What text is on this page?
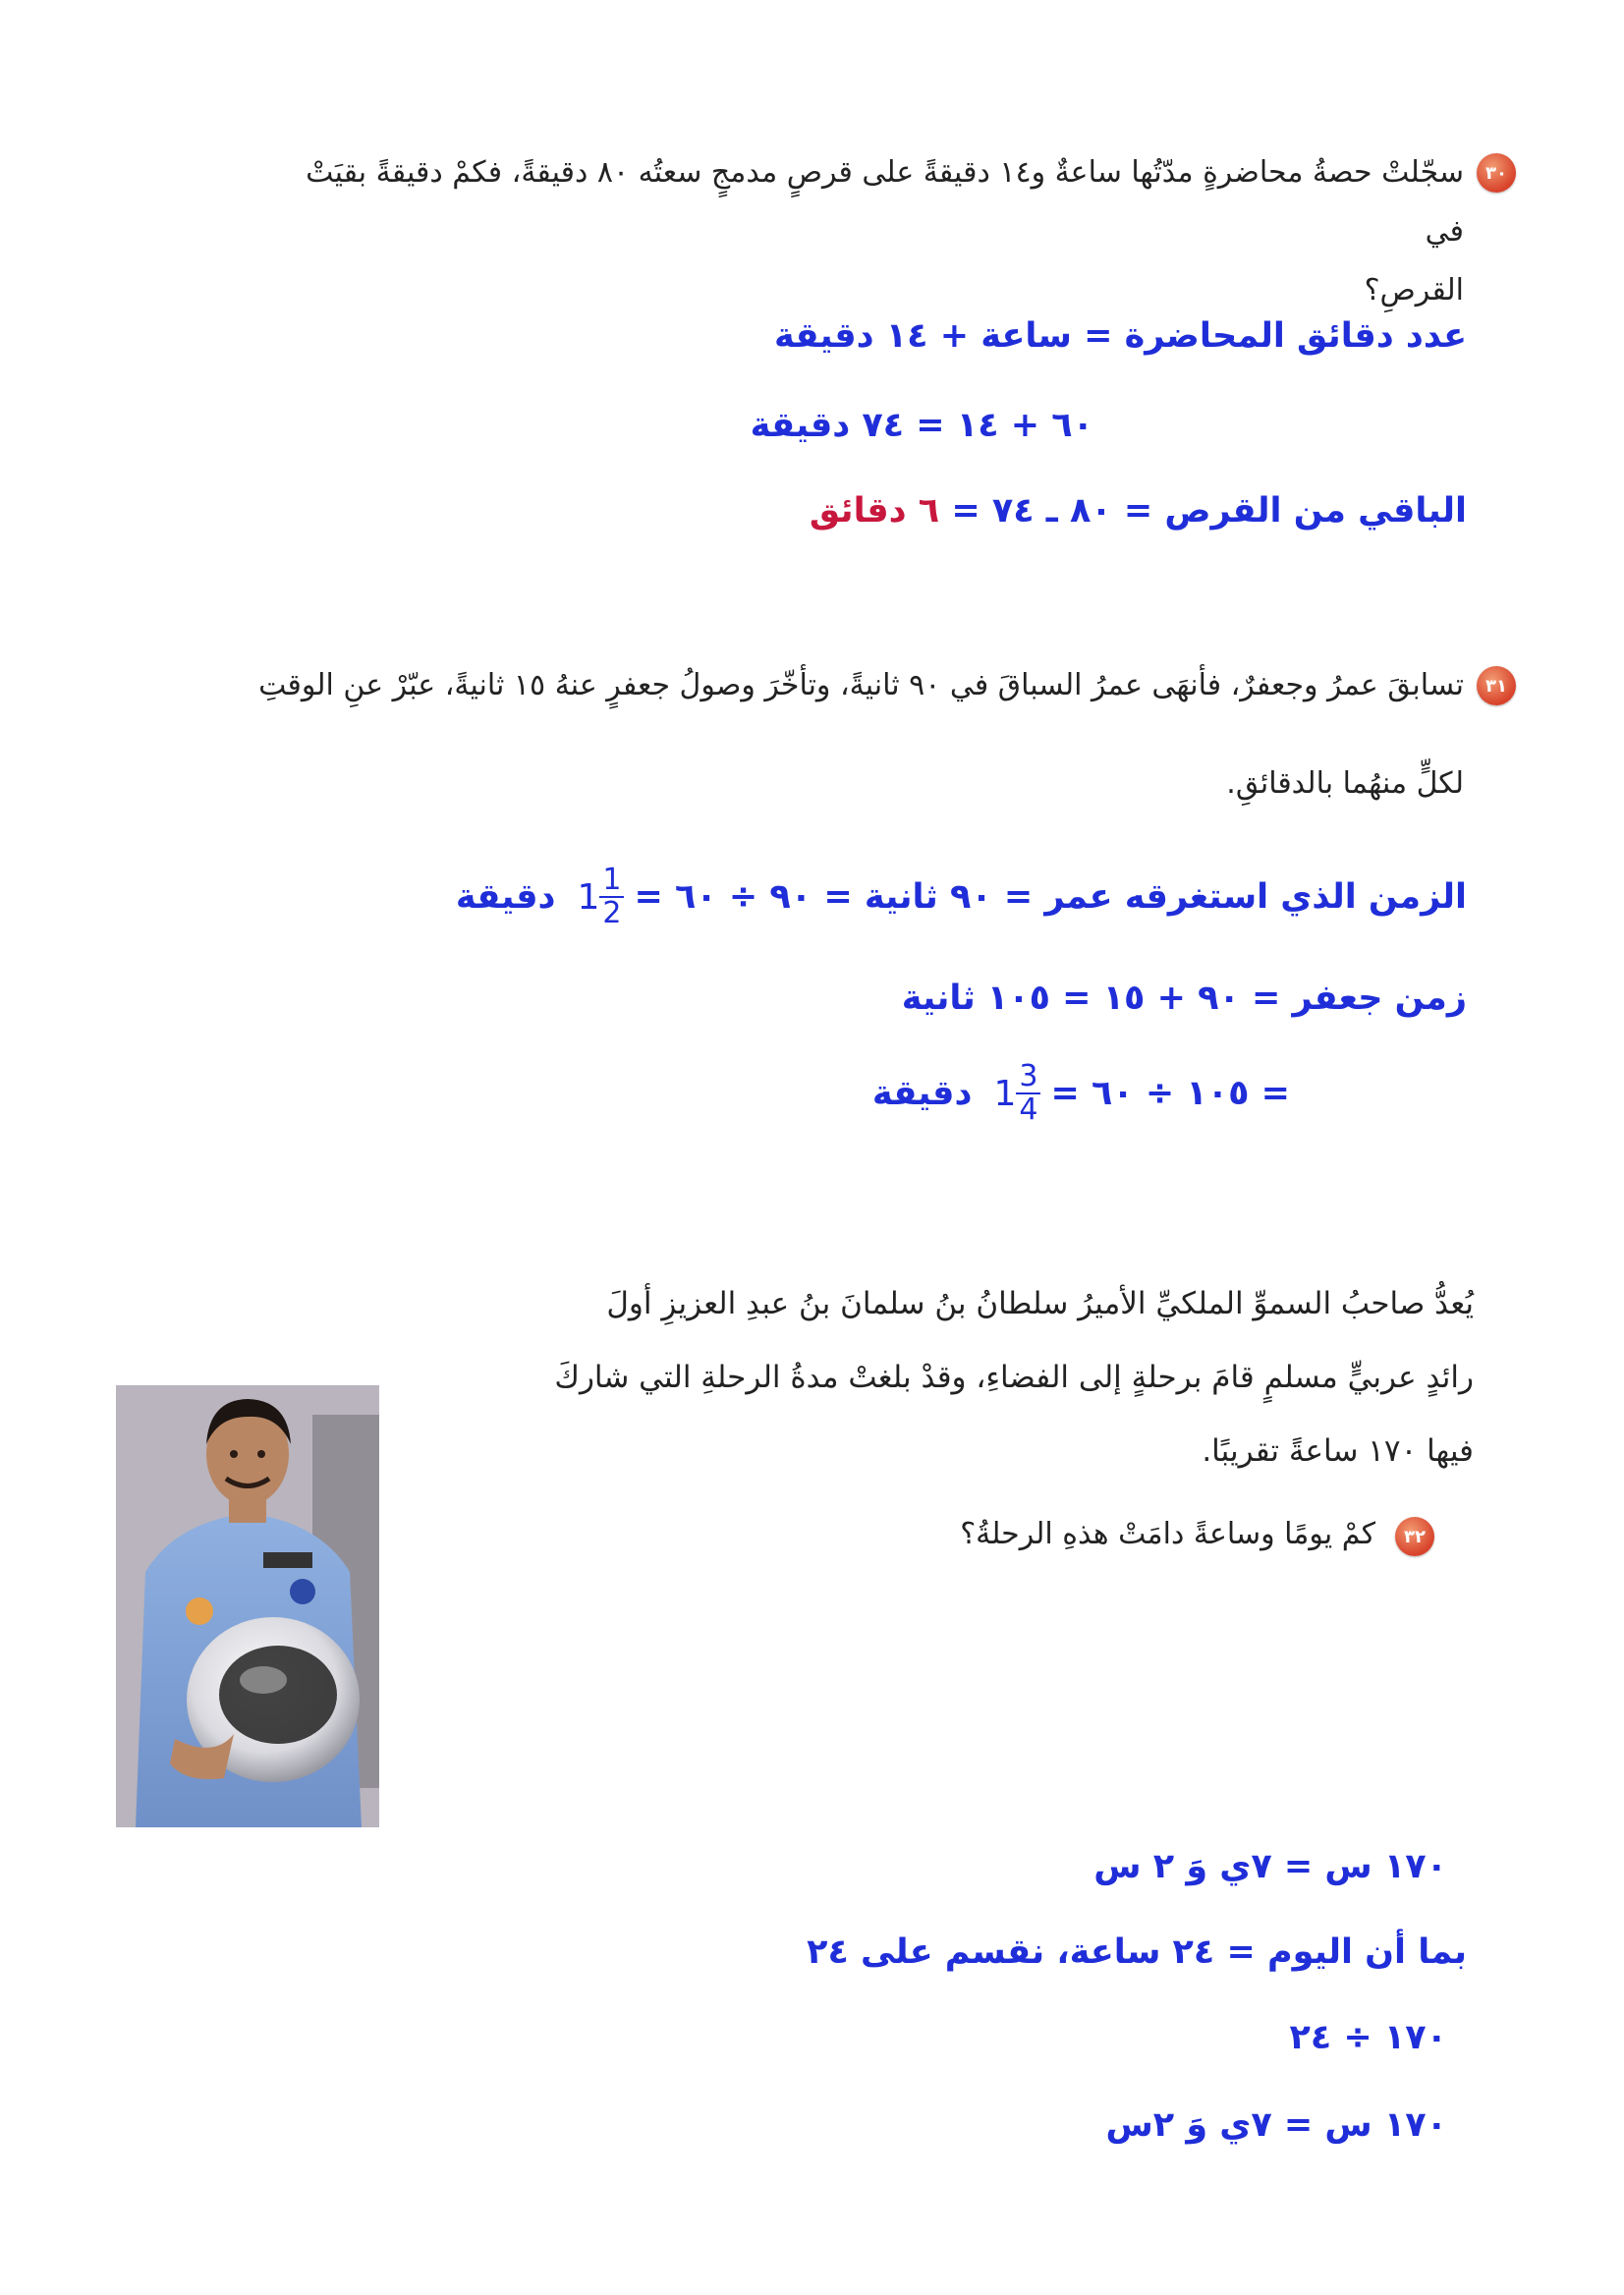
٣٠
سجّلتْ حصةُ محاضرةٍ مدّتُها ساعةٌ و١٤ دقيقةً على قرصٍ مدمجٍ سعتُه ٨٠ دقيقةً، فكمْ دقيقةً بقيَتْ في
القرصِ؟
عدد دقائق المحاضرة = ساعة + ١٤ دقيقة
٦٠ + ١٤ = ٧٤ دقيقة
الباقي من القرص = ٨٠ ـ ٧٤ = ٦ دقائق
٣١
تسابقَ عمرُ وجعفرٌ، فأنهَى عمرُ السباقَ في ٩٠ ثانيةً، وتأخّرَ وصولُ جعفرٍ عنهُ ١٥ ثانيةً، عبّرْ عنِ الوقتِ
لكلٍّ منهُما بالدقائقِ.
الزمن الذي استغرقه عمر = ٩٠ ثانية = ٩٠ ÷ ٦٠ =
$1 \frac{1}{2}$
دقيقة
زمن جعفر = ٩٠ + ١٥ = ١٠٥ ثانية
= ١٠٥ ÷ ٦٠ =
$1 \frac{3}{4}$
دقيقة
يُعدُّ صاحبُ السموِّ الملكيِّ الأميرُ سلطانُ بنُ سلمانَ بنُ عبدِ العزيزِ أولَ
رائدٍ عربيٍّ مسلمٍ قامَ برحلةٍ إلى الفضاءِ، وقدْ بلغتْ مدةُ الرحلةِ التي شاركَ
فيها ١٧٠ ساعةً تقريبًا.
٣٢
كمْ يومًا وساعةً دامَتْ هذهِ الرحلةُ؟
١٧٠ س = ٧ي وَ ٢ س
بما أن اليوم = ٢٤ ساعة، نقسم على ٢٤
١٧٠ ÷ ٢٤
١٧٠ س = ٧ي وَ ٢س
